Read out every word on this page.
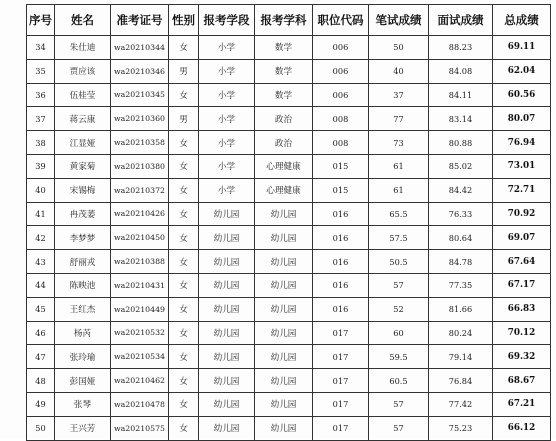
序号	姓名	准考证号	性别	报考学段	报考学科	职位代码	笔试成绩	面试成绩	总成绩
34	朱仕迪	wa20210344	女	小学	数学	006	50	88.23	69.11
35	贾应该	wa20210346	男	小学	数学	006	40	84.08	62.04
36	伍桂莹	wa20210345	女	小学	数学	006	37	84.11	60.56
37	蒋云康	wa20210360	男	小学	政治	008	77	83.14	80.07
38	江显娅	wa20210358	女	小学	政治	008	73	80.88	76.94
39	黄家菊	wa20210380	女	小学	心理健康	015	61	85.02	73.01
40	宋锡梅	wa20210372	女	小学	心理健康	015	61	84.42	72.71
41	冉茂萎	wa20210426	女	幼儿园	幼儿园	016	65.5	76.33	70.92
42	李梦梦	wa20210450	女	幼儿园	幼儿园	016	57.5	80.64	69.07
43	舒丽戎	wa20210388	女	幼儿园	幼儿园	016	50.5	84.78	67.64
44	陈映池	wa20210431	女	幼儿园	幼儿园	016	57	77.35	67.17
45	王红杰	wa20210449	女	幼儿园	幼儿园	016	52	81.66	66.83
46	杨芮	wa20210532	女	幼儿园	幼儿园	017	60	80.24	70.12
47	张玲瑜	wa20210534	女	幼儿园	幼儿园	017	59.5	79.14	69.32
48	彭国娅	wa20210462	女	幼儿园	幼儿园	017	60.5	76.84	68.67
49	张琴	wa20210478	女	幼儿园	幼儿园	017	57	77.42	67.21
50	王兴芳	wa20210575	女	幼儿园	幼儿园	017	57	75.23	66.12
